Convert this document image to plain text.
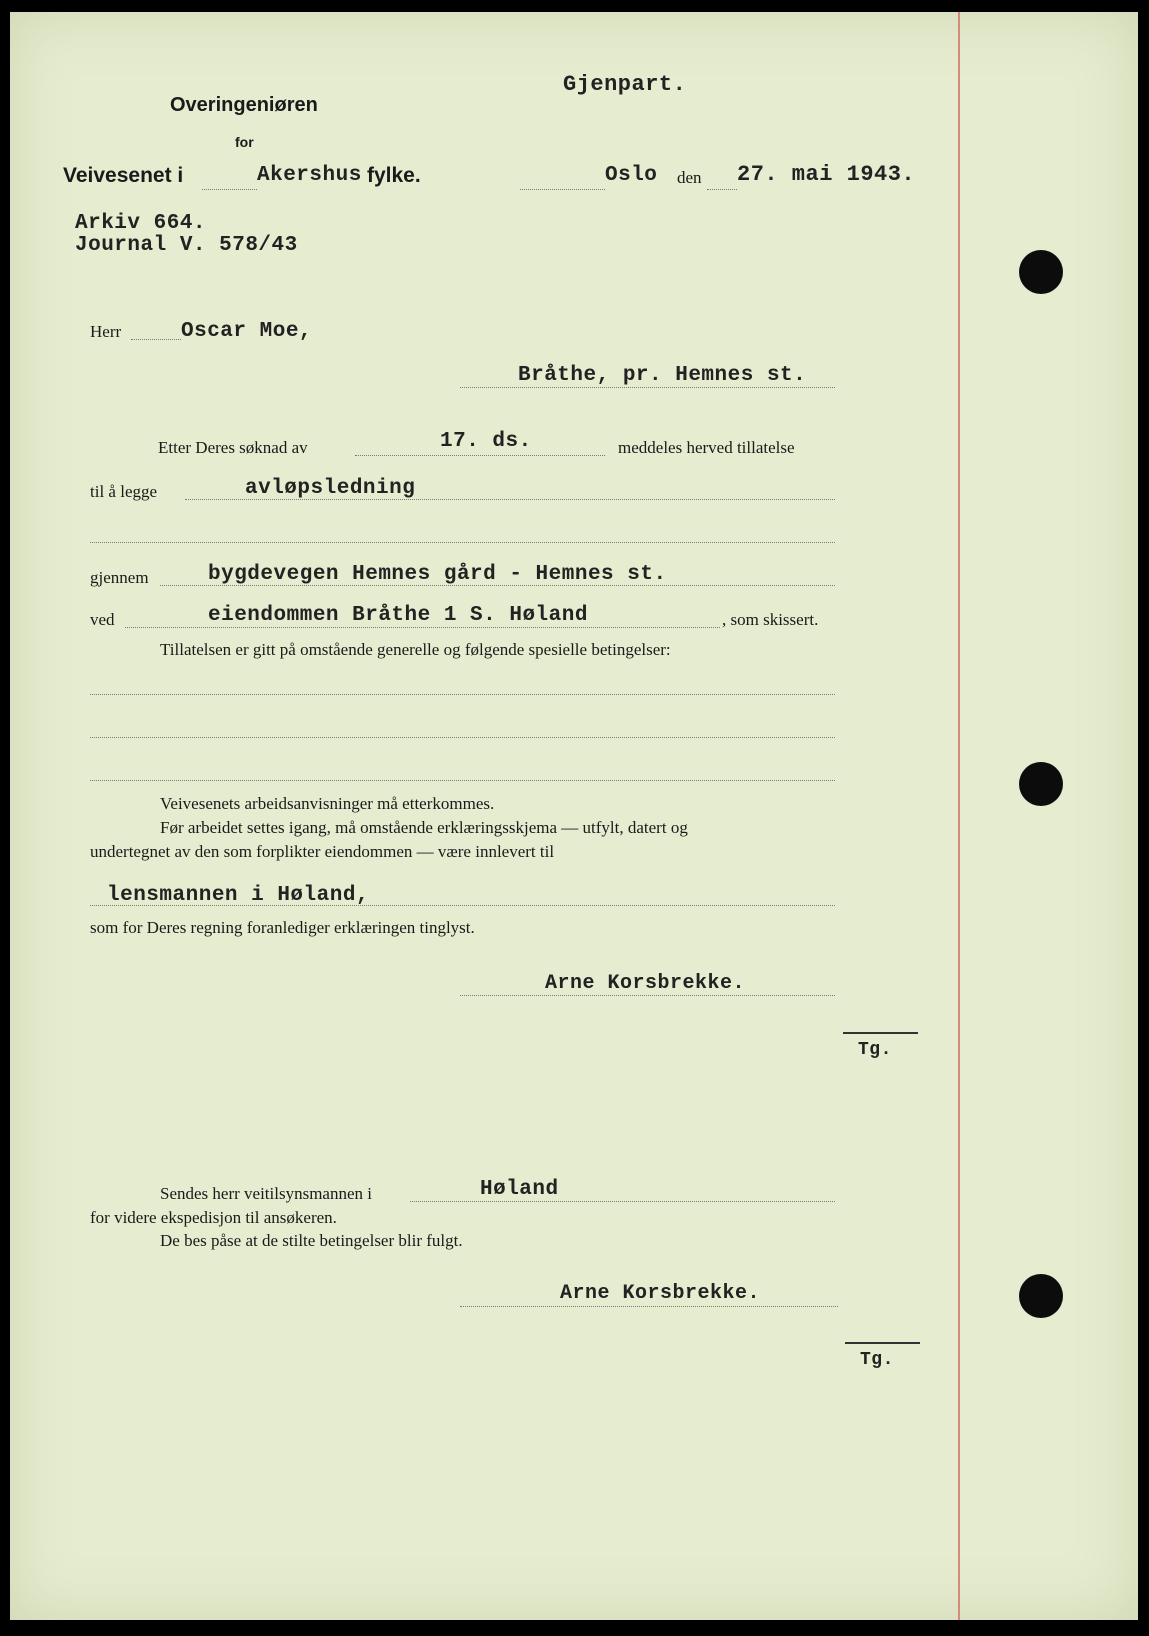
Gjenpart.
Overingeniøren
for
Veivesenet i	Akershus fylke.	Oslo den 27. mai 1943.
Arkiv 664.
Journal V. 578/43
Herr	Oscar Moe,
Bråthe, pr. Hemnes st.
Etter Deres søknad av	17. ds.	meddeles herved tillatelse
til å legge	avløpsledning
gjennem	bygdevegen Hemnes gård - Hemnes st.
ved	eiendommen Bråthe 1 S. Høland	, som skissert.
Tillatelsen er gitt på omstående generelle og følgende spesielle betingelser:
Veivesenets arbeidsanvisninger må etterkommes.
Før arbeidet settes igang, må omstående erklæringsskjema — utfylt, datert og
undertegnet av den som forplikter eiendommen — være innlevert til
lensmannen i Høland,
som for Deres regning foranlediger erklæringen tinglyst.
Arne Korsbrekke.
Tg.
Sendes herr veitilsynsmannen i	Høland
for videre ekspedisjon til ansøkeren.
De bes påse at de stilte betingelser blir fulgt.
Arne Korsbrekke.
Tg.
